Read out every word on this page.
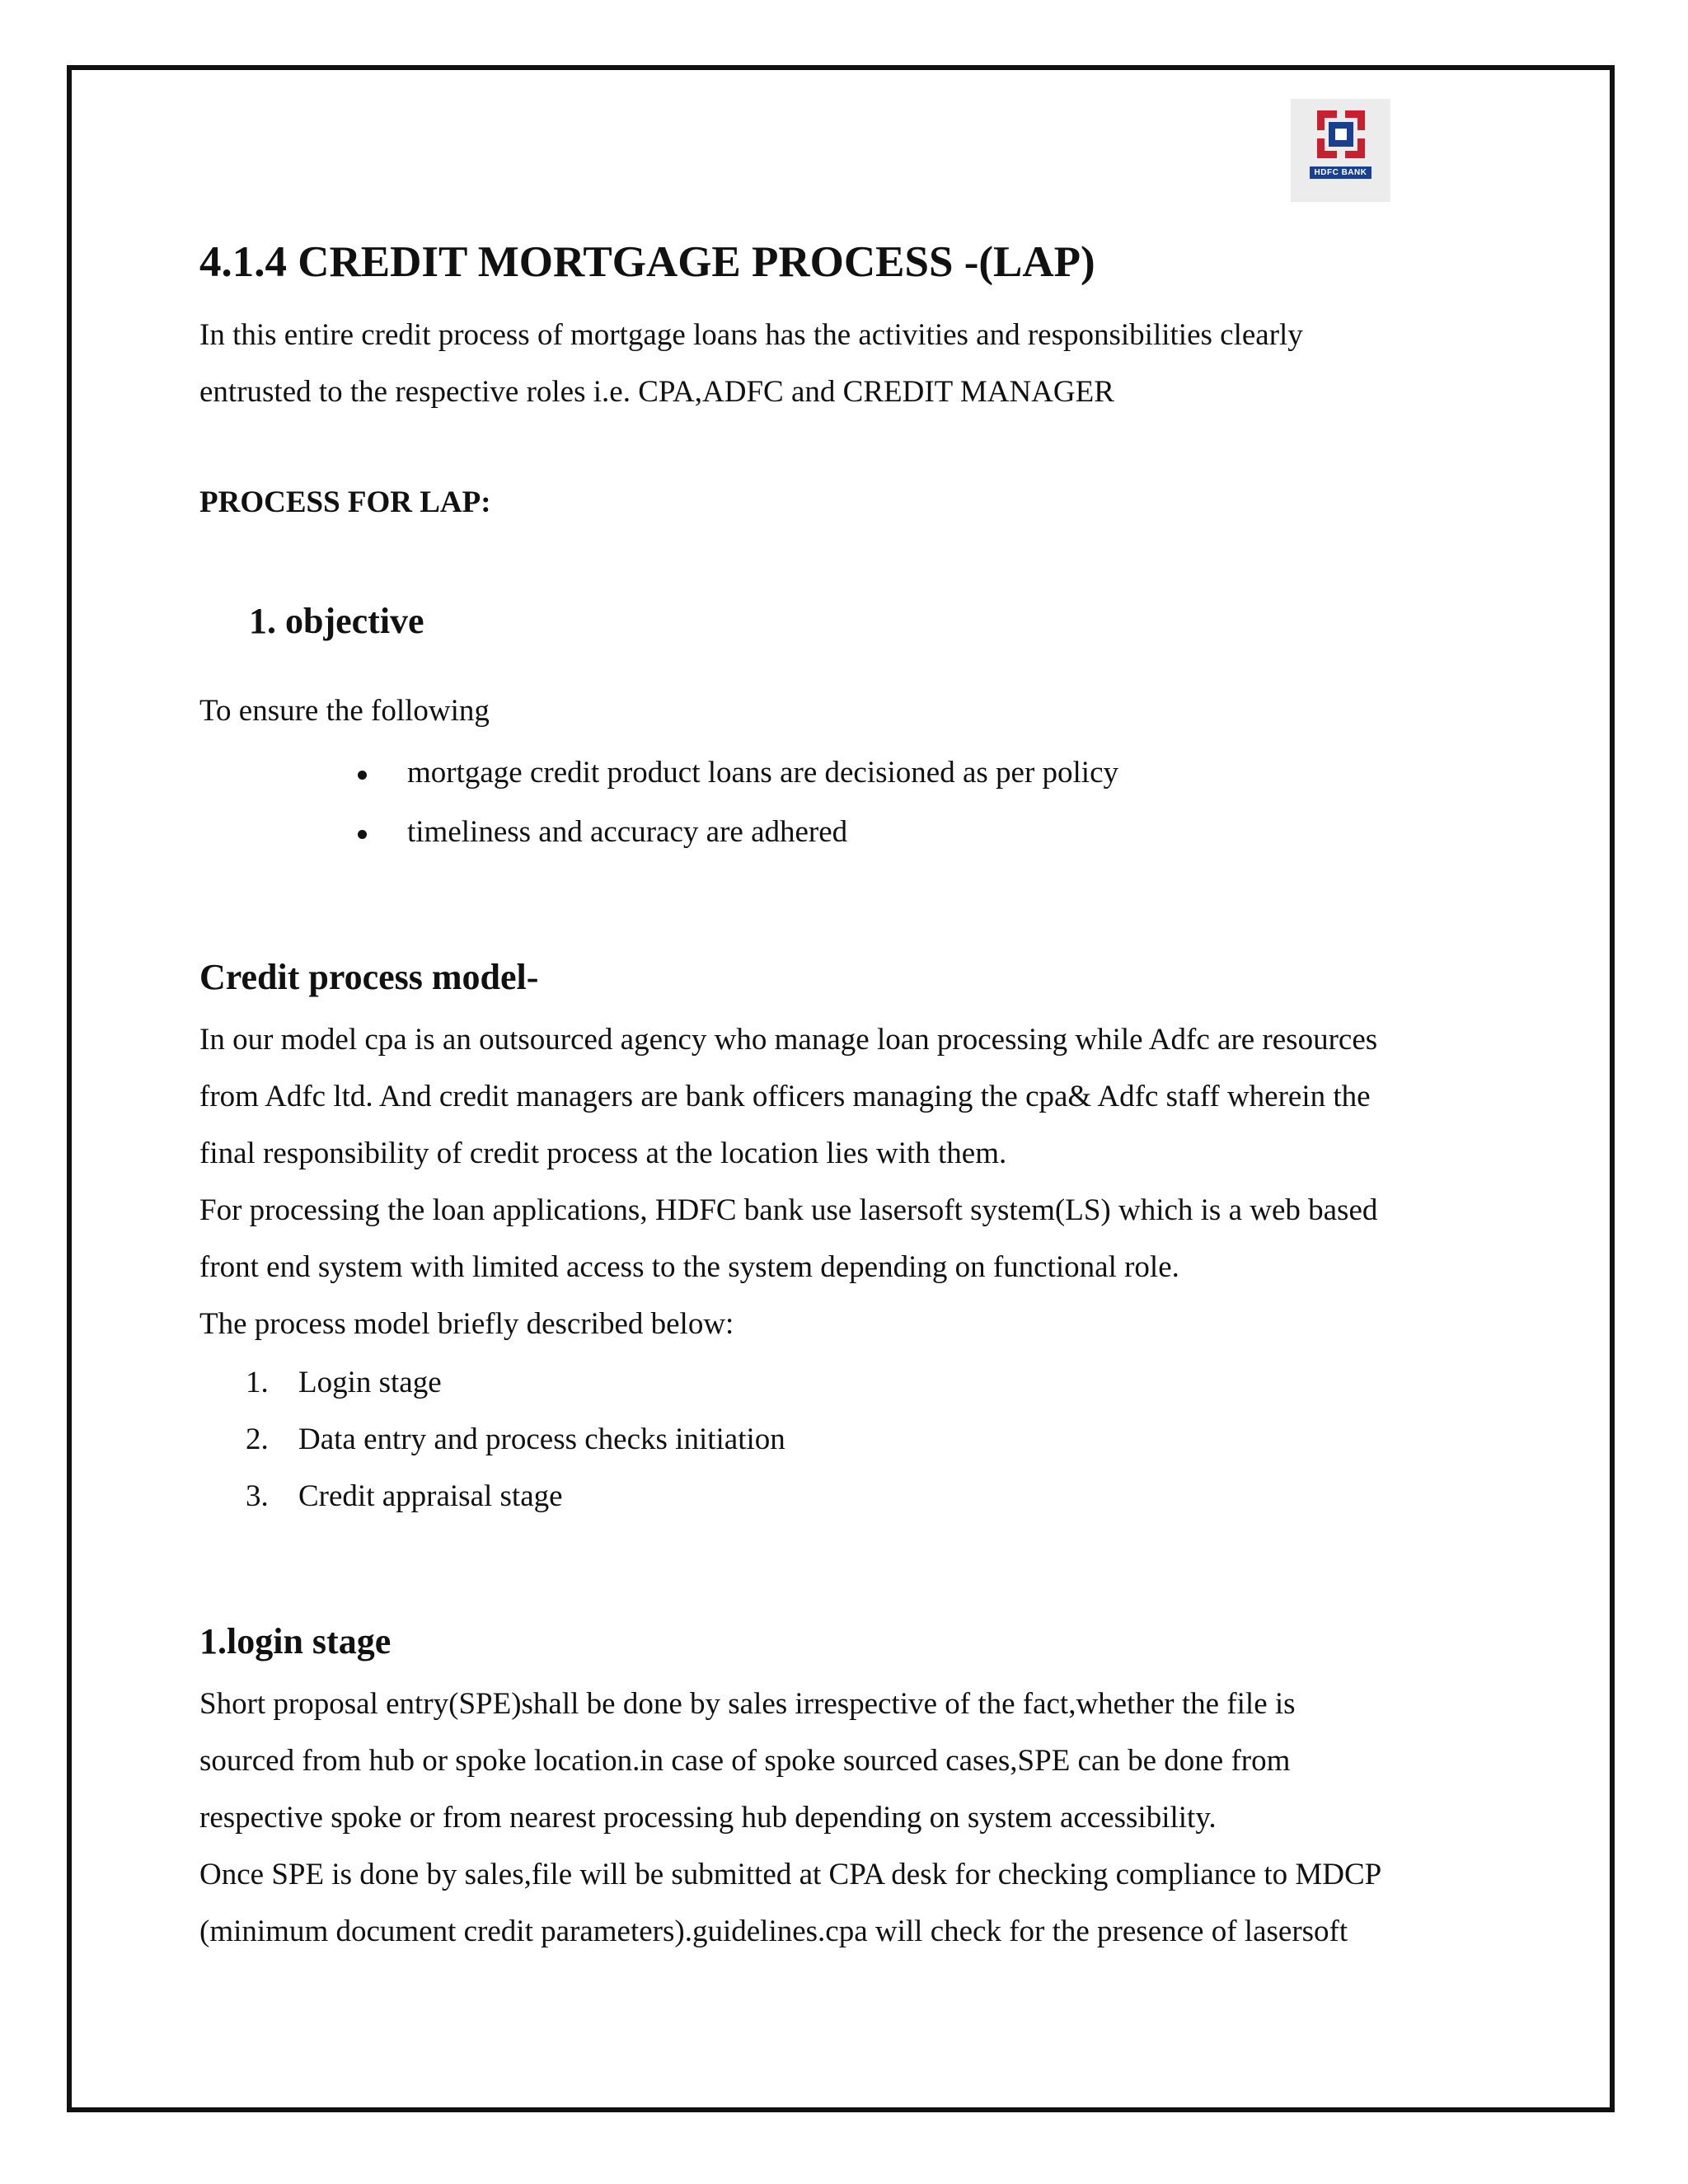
HDFC BANK
4.1.4 CREDIT MORTGAGE PROCESS -(LAP)
In this entire credit process of mortgage loans has the activities and responsibilities clearly
entrusted to the respective roles i.e. CPA,ADFC and CREDIT MANAGER
PROCESS FOR LAP:
1. objective
To ensure the following
mortgage credit product loans are decisioned as per policy
timeliness and accuracy are adhered
Credit process model-
In our model cpa is an outsourced agency who manage loan processing while Adfc are resources
from Adfc ltd. And credit managers are bank officers managing the cpa& Adfc staff wherein the
final responsibility of credit process at the location lies with them.
For processing the loan applications, HDFC bank use lasersoft system(LS) which is a web based
front end system with limited access to the system depending on functional role.
The process model briefly described below:
1. Login stage
2. Data entry and process checks initiation
3. Credit appraisal stage
1.login stage
Short proposal entry(SPE)shall be done by sales irrespective of the fact,whether the file is
sourced from hub or spoke location.in case of spoke sourced cases,SPE can be done from
respective spoke or from nearest processing hub depending on system accessibility.
Once SPE is done by sales,file will be submitted at CPA desk for checking compliance to MDCP
(minimum document credit parameters).guidelines.cpa will check for the presence of lasersoft
